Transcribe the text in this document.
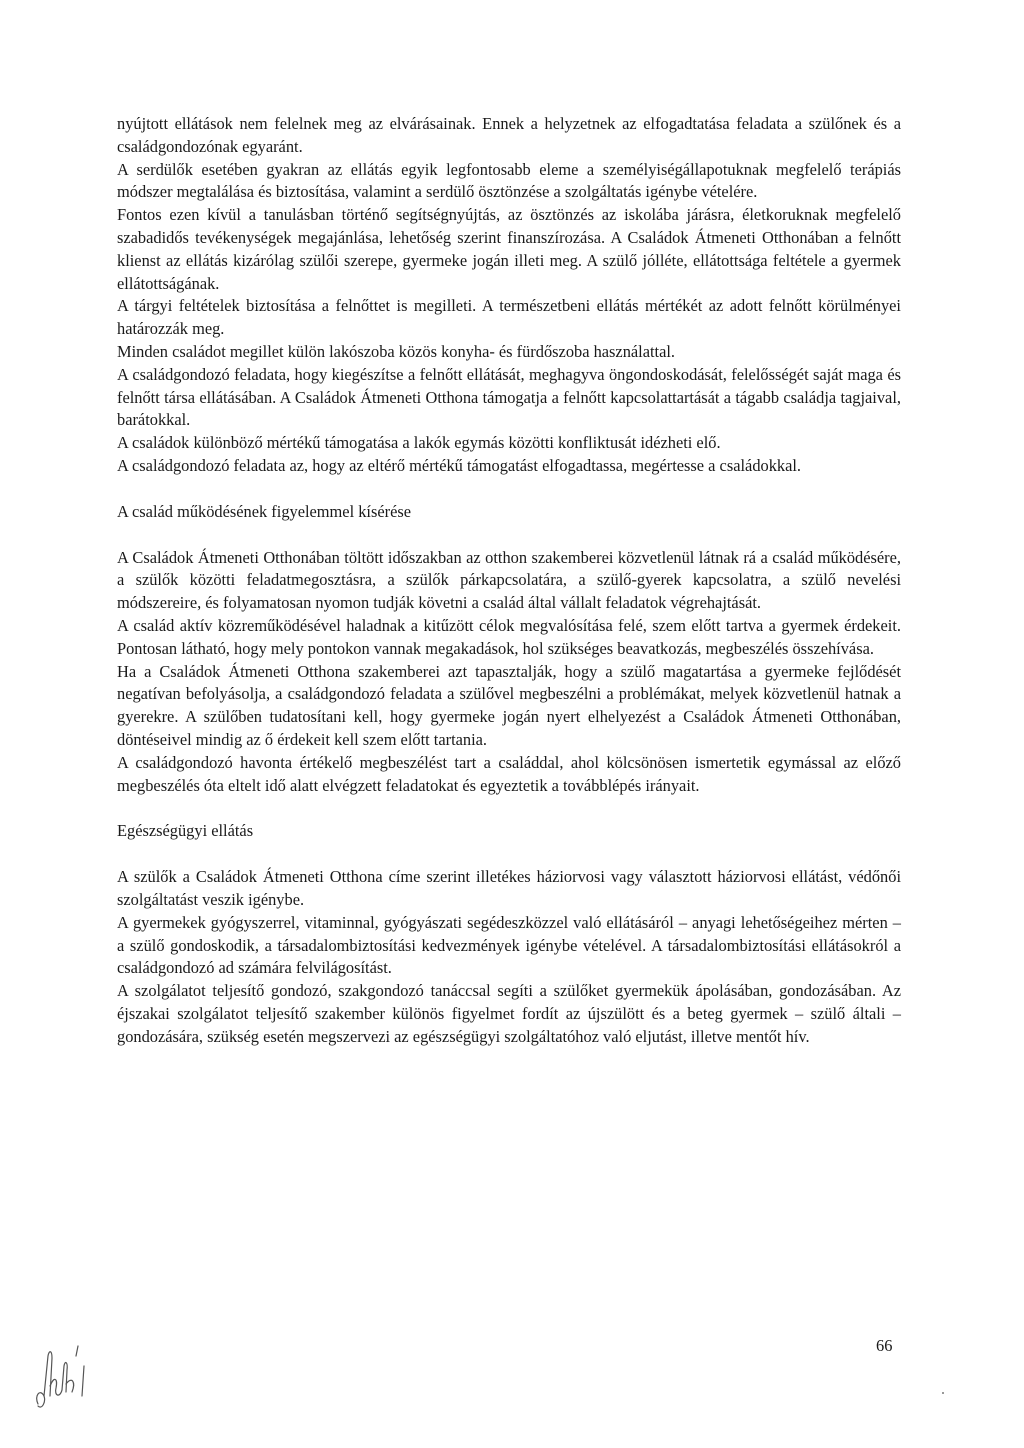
nyújtott ellátások nem felelnek meg az elvárásainak. Ennek a helyzetnek az elfogadtatása feladata a szülőnek és a családgondozónak egyaránt.

A serdülők esetében gyakran az ellátás egyik legfontosabb eleme a személyiségállapotuknak megfelelő terápiás módszer megtalálása és biztosítása, valamint a serdülő ösztönzése a szolgáltatás igénybe vételére.

Fontos ezen kívül a tanulásban történő segítségnyújtás, az ösztönzés az iskolába járásra, életkoruknak megfelelő szabadidős tevékenységek megajánlása, lehetőség szerint finanszírozása. A Családok Átmeneti Otthonában a felnőtt klienst az ellátás kizárólag szülői szerepe, gyermeke jogán illeti meg. A szülő jólléte, ellátottsága feltétele a gyermek ellátottságának.

A tárgyi feltételek biztosítása a felnőttet is megilleti. A természetbeni ellátás mértékét az adott felnőtt körülményei határozzák meg.

Minden családot megillet külön lakószoba közös konyha- és fürdőszoba használattal.

A családgondozó feladata, hogy kiegészítse a felnőtt ellátását, meghagyva öngondoskodását, felelősségét saját maga és felnőtt társa ellátásában. A Családok Átmeneti Otthona támogatja a felnőtt kapcsolattartását a tágabb családja tagjaival, barátokkal.

A családok különböző mértékű támogatása a lakók egymás közötti konfliktusát idézheti elő.

A családgondozó feladata az, hogy az eltérő mértékű támogatást elfogadtassa, megértesse a családokkal.

A család működésének figyelemmel kísérése

A Családok Átmeneti Otthonában töltött időszakban az otthon szakemberei közvetlenül látnak rá a család működésére, a szülők közötti feladatmegosztásra, a szülők párkapcsolatára, a szülő-gyerek kapcsolatra, a szülő nevelési módszereire, és folyamatosan nyomon tudják követni a család által vállalt feladatok végrehajtását.

A család aktív közreműködésével haladnak a kitűzött célok megvalósítása felé, szem előtt tartva a gyermek érdekeit. Pontosan látható, hogy mely pontokon vannak megakadások, hol szükséges beavatkozás, megbeszélés összehívása.

Ha a Családok Átmeneti Otthona szakemberei azt tapasztalják, hogy a szülő magatartása a gyermeke fejlődését negatívan befolyásolja, a családgondozó feladata a szülővel megbeszélni a problémákat, melyek közvetlenül hatnak a gyerekre. A szülőben tudatosítani kell, hogy gyermeke jogán nyert elhelyezést a Családok Átmeneti Otthonában, döntéseivel mindig az ő érdekeit kell szem előtt tartania.

A családgondozó havonta értékelő megbeszélést tart a családdal, ahol kölcsönösen ismertetik egymással az előző megbeszélés óta eltelt idő alatt elvégzett feladatokat és egyeztetik a továbblépés irányait.

Egészségügyi ellátás

A szülők a Családok Átmeneti Otthona címe szerint illetékes háziorvosi vagy választott háziorvosi ellátást, védőnői szolgáltatást veszik igénybe.

A gyermekek gyógyszerrel, vitaminnal, gyógyászati segédeszközzel való ellátásáról – anyagi lehetőségeihez mérten – a szülő gondoskodik, a társadalombiztosítási kedvezmények igénybe vételével. A társadalombiztosítási ellátásokról a családgondozó ad számára felvilágosítást.

A szolgálatot teljesítő gondozó, szakgondozó tanáccsal segíti a szülőket gyermekük ápolásában, gondozásában. Az éjszakai szolgálatot teljesítő szakember különös figyelmet fordít az újszülött és a beteg gyermek – szülő általi – gondozására, szükség esetén megszervezi az egészségügyi szolgáltatóhoz való eljutást, illetve mentőt hív.

66
